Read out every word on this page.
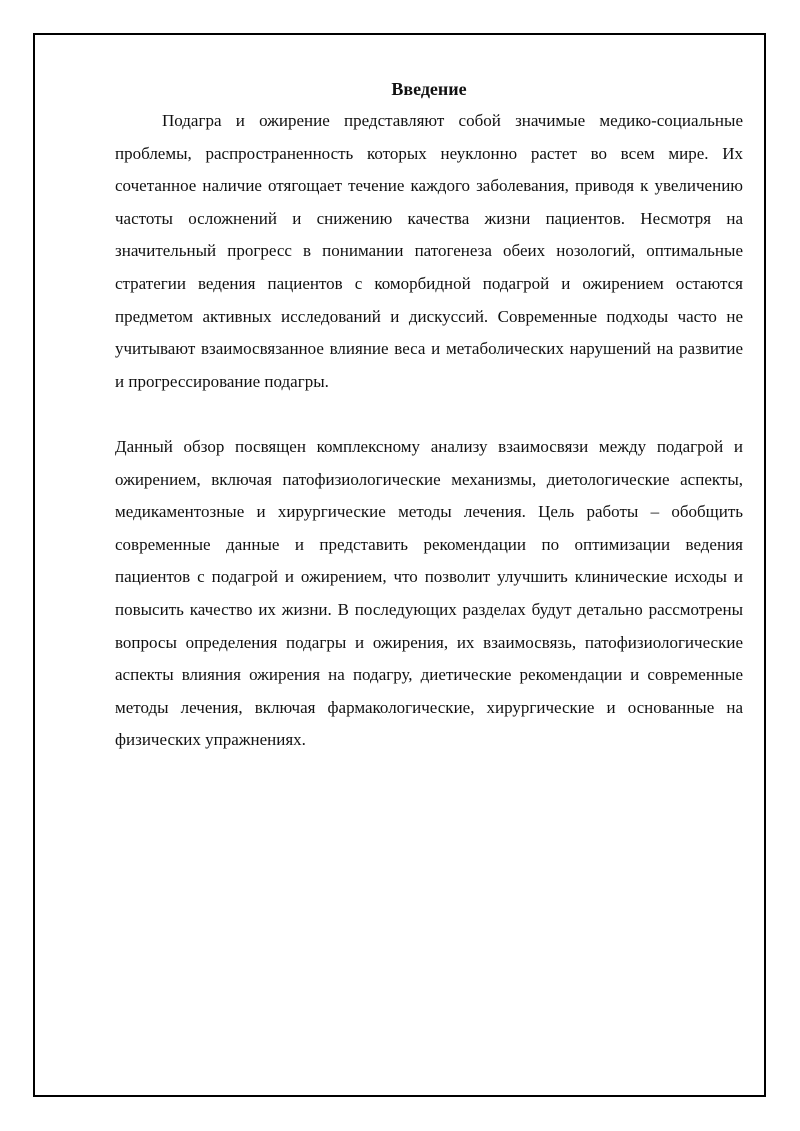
Введение

Подагра и ожирение представляют собой значимые медико-социальные проблемы, распространенность которых неуклонно растет во всем мире. Их сочетанное наличие отягощает течение каждого заболевания, приводя к увеличению частоты осложнений и снижению качества жизни пациентов. Несмотря на значительный прогресс в понимании патогенеза обеих нозологий, оптимальные стратегии ведения пациентов с коморбидной подагрой и ожирением остаются предметом активных исследований и дискуссий. Современные подходы часто не учитывают взаимосвязанное влияние веса и метаболических нарушений на развитие и прогрессирование подагры.

Данный обзор посвящен комплексному анализу взаимосвязи между подагрой и ожирением, включая патофизиологические механизмы, диетологические аспекты, медикаментозные и хирургические методы лечения. Цель работы – обобщить современные данные и представить рекомендации по оптимизации ведения пациентов с подагрой и ожирением, что позволит улучшить клинические исходы и повысить качество их жизни. В последующих разделах будут детально рассмотрены вопросы определения подагры и ожирения, их взаимосвязь, патофизиологические аспекты влияния ожирения на подагру, диетические рекомендации и современные методы лечения, включая фармакологические, хирургические и основанные на физических упражнениях.
